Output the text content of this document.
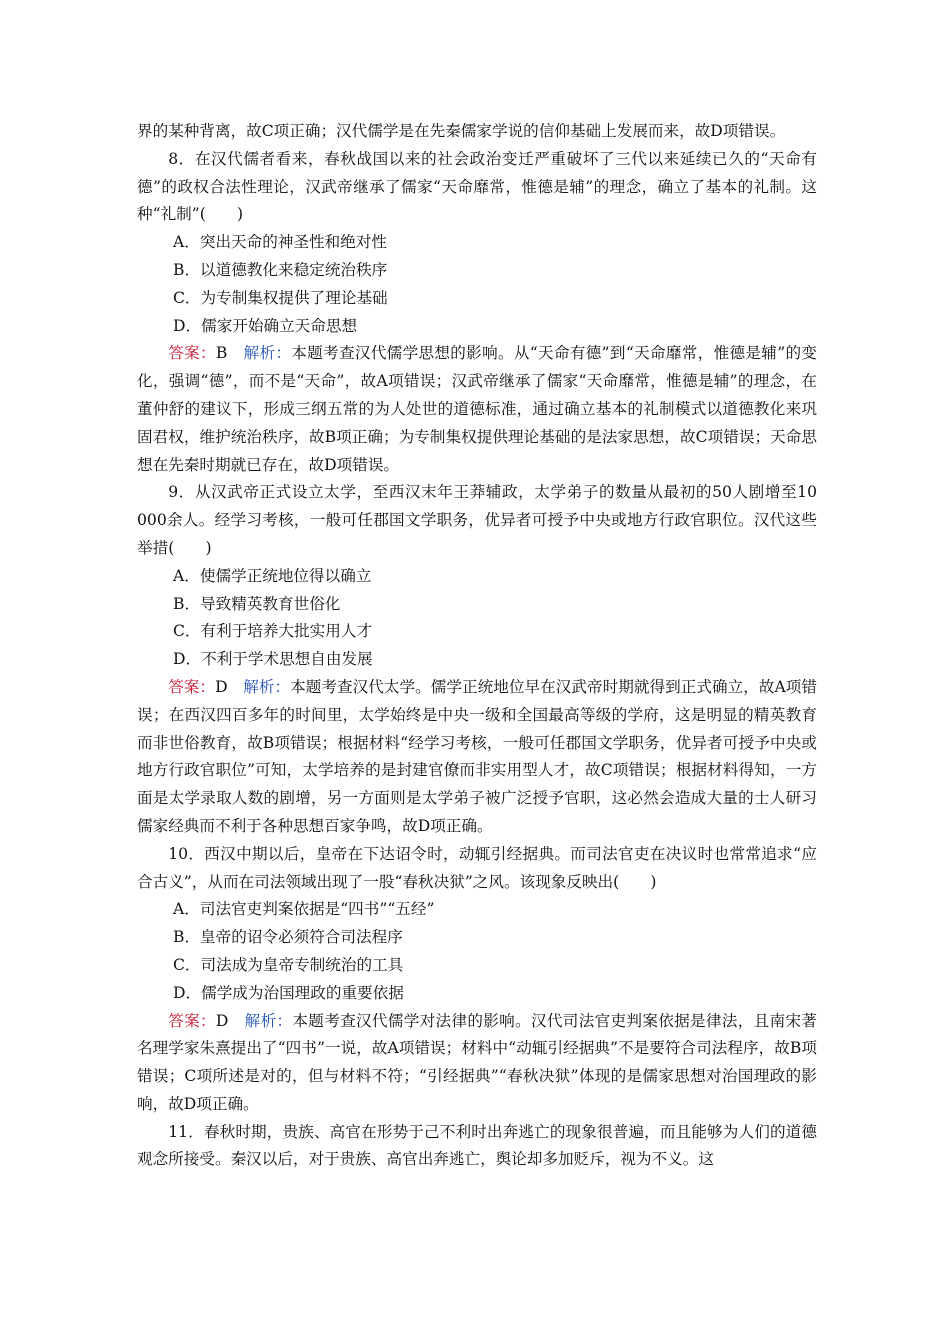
界的某种背离，故C项正确；汉代儒学是在先秦儒家学说的信仰基础上发展而来，故D项错误。

8．在汉代儒者看来，春秋战国以来的社会政治变迁严重破坏了三代以来延续已久的“天命有德”的政权合法性理论，汉武帝继承了儒家“天命靡常，惟德是辅”的理念，确立了基本的礼制。这种“礼制”(　　)

A．突出天命的神圣性和绝对性

B．以道德教化来稳定统治秩序

C．为专制集权提供了理论基础

D．儒家开始确立天命思想

答案：B　解析：本题考查汉代儒学思想的影响。从“天命有德”到“天命靡常，惟德是辅”的变化，强调“德”，而不是“天命”，故A项错误；汉武帝继承了儒家“天命靡常，惟德是辅”的理念，在董仲舒的建议下，形成三纲五常的为人处世的道德标准，通过确立基本的礼制模式以道德教化来巩固君权，维护统治秩序，故B项正确；为专制集权提供理论基础的是法家思想，故C项错误；天命思想在先秦时期就已存在，故D项错误。

9．从汉武帝正式设立太学，至西汉末年王莽辅政，太学弟子的数量从最初的50人剧增至10 000余人。经学习考核，一般可任郡国文学职务，优异者可授予中央或地方行政官职位。汉代这些举措(　　)

A．使儒学正统地位得以确立

B．导致精英教育世俗化

C．有利于培养大批实用人才

D．不利于学术思想自由发展

答案：D　解析：本题考查汉代太学。儒学正统地位早在汉武帝时期就得到正式确立，故A项错误；在西汉四百多年的时间里，太学始终是中央一级和全国最高等级的学府，这是明显的精英教育而非世俗教育，故B项错误；根据材料“经学习考核，一般可任郡国文学职务，优异者可授予中央或地方行政官职位”可知，太学培养的是封建官僚而非实用型人才，故C项错误；根据材料得知，一方面是太学录取人数的剧增，另一方面则是太学弟子被广泛授予官职，这必然会造成大量的士人研习儒家经典而不利于各种思想百家争鸣，故D项正确。

10．西汉中期以后，皇帝在下达诏令时，动辄引经据典。而司法官吏在决议时也常常追求“应合古义”，从而在司法领域出现了一股“春秋决狱”之风。该现象反映出(　　)

A．司法官吏判案依据是“四书”“五经”

B．皇帝的诏令必须符合司法程序

C．司法成为皇帝专制统治的工具

D．儒学成为治国理政的重要依据

答案：D　解析：本题考查汉代儒学对法律的影响。汉代司法官吏判案依据是律法，且南宋著名理学家朱熹提出了“四书”一说，故A项错误；材料中“动辄引经据典”不是要符合司法程序，故B项错误；C项所述是对的，但与材料不符；“引经据典”“春秋决狱”体现的是儒家思想对治国理政的影响，故D项正确。

11．春秋时期，贵族、高官在形势于己不利时出奔逃亡的现象很普遍，而且能够为人们的道德观念所接受。秦汉以后，对于贵族、高官出奔逃亡，舆论却多加贬斥，视为不义。这
